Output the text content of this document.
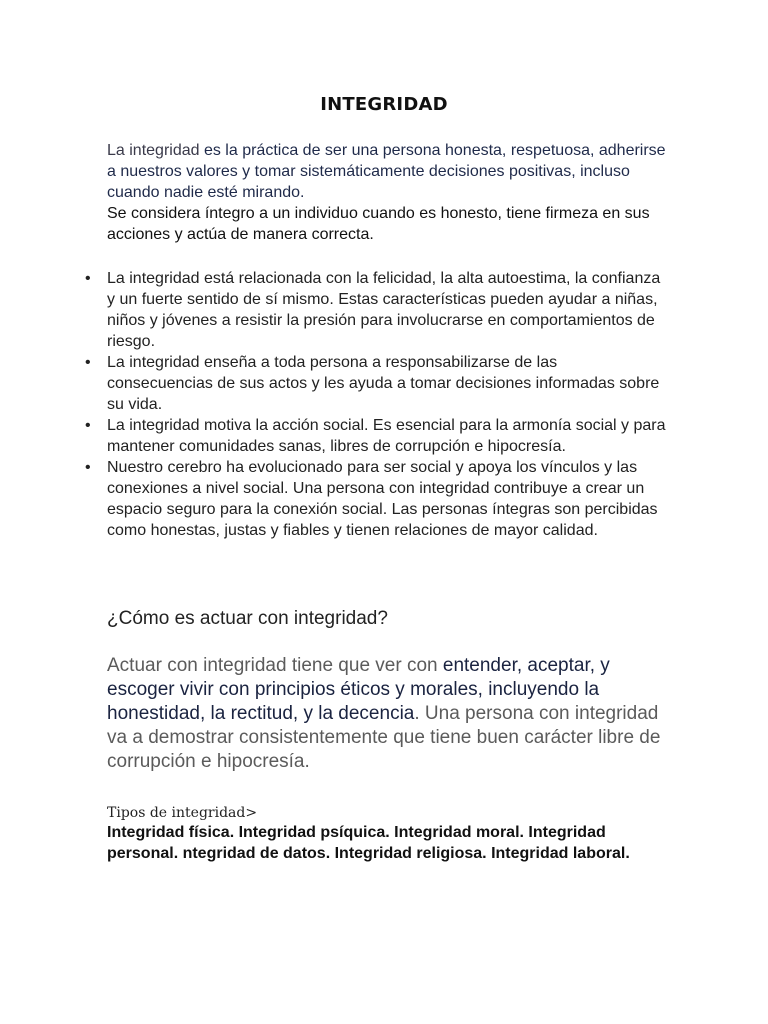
INTEGRIDAD
La integridad es la práctica de ser una persona honesta, respetuosa, adherirse a nuestros valores y tomar sistemáticamente decisiones positivas, incluso cuando nadie esté mirando.
Se considera íntegro a un individuo cuando es honesto, tiene firmeza en sus acciones y actúa de manera correcta.
• La integridad está relacionada con la felicidad, la alta autoestima, la confianza y un fuerte sentido de sí mismo. Estas características pueden ayudar a niñas, niños y jóvenes a resistir la presión para involucrarse en comportamientos de riesgo.
• La integridad enseña a toda persona a responsabilizarse de las consecuencias de sus actos y les ayuda a tomar decisiones informadas sobre su vida.
• La integridad motiva la acción social. Es esencial para la armonía social y para mantener comunidades sanas, libres de corrupción e hipocresía.
• Nuestro cerebro ha evolucionado para ser social y apoya los vínculos y las conexiones a nivel social. Una persona con integridad contribuye a crear un espacio seguro para la conexión social. Las personas íntegras son percibidas como honestas, justas y fiables y tienen relaciones de mayor calidad.
¿Cómo es actuar con integridad?
Actuar con integridad tiene que ver con entender, aceptar, y escoger vivir con principios éticos y morales, incluyendo la honestidad, la rectitud, y la decencia. Una persona con integridad va a demostrar consistentemente que tiene buen carácter libre de corrupción e hipocresía.
Tipos de integridad>
Integridad física. Integridad psíquica. Integridad moral. Integridad personal. ntegridad de datos. Integridad religiosa. Integridad laboral.
